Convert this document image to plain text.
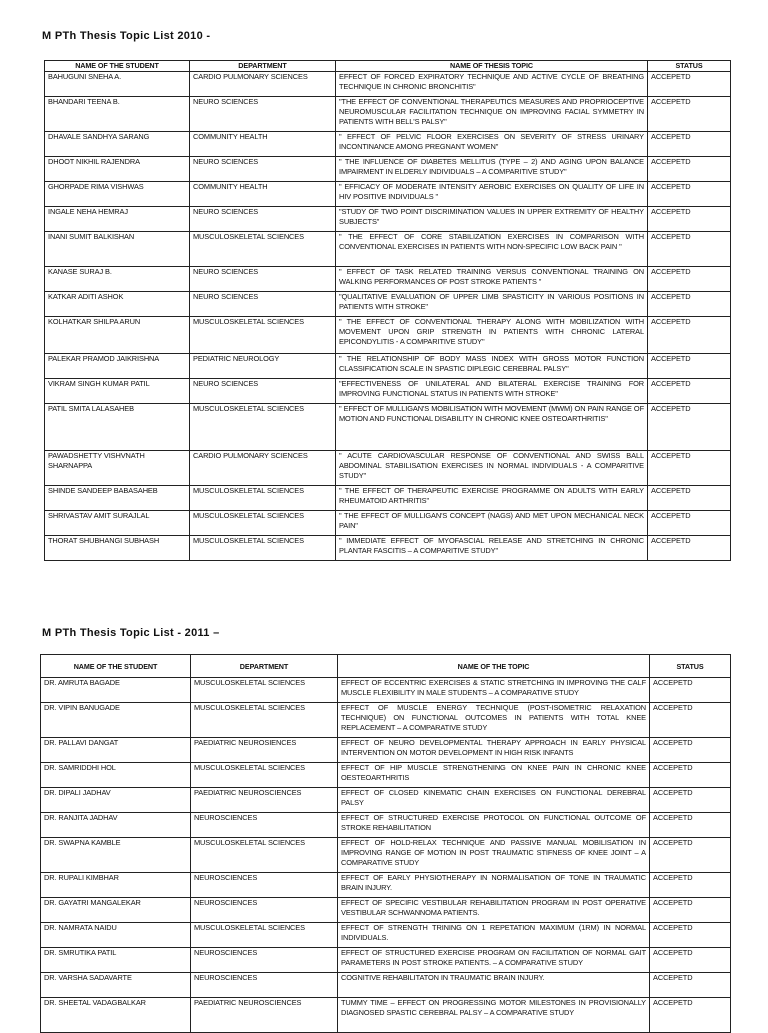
M PTh Thesis Topic List 2010 -
NAME OF THE STUDENT	DEPARTMENT	NAME OF THESIS TOPIC	STATUS
BAHUGUNI SNEHA A.	CARDIO PULMONARY SCIENCES	EFFECT OF FORCED EXPIRATORY TECHNIQUE AND ACTIVE CYCLE OF BREATHING TECHNIQUE IN CHRONIC BRONCHITIS"	ACCEPETD
BHANDARI TEENA B.	NEURO SCIENCES	"THE EFFECT OF CONVENTIONAL THERAPEUTICS MEASURES AND PROPRIOCEPTIVE NEUROMUSCULAR FACILITATION TECHNIQUE ON IMPROVING FACIAL SYMMETRY IN PATIENTS WITH BELL'S PALSY"	ACCEPETD
DHAVALE SANDHYA SARANG	COMMUNITY HEALTH	" EFFECT OF PELVIC FLOOR EXERCISES ON SEVERITY OF STRESS URINARY INCONTINANCE AMONG PREGNANT WOMEN"	ACCEPETD
DHOOT NIKHIL RAJENDRA	NEURO SCIENCES	" THE INFLUENCE OF DIABETES MELLITUS (TYPE – 2) AND AGING UPON BALANCE IMPAIRMENT IN ELDERLY INDIVIDUALS – A COMPARITIVE STUDY"	ACCEPETD
GHORPADE RIMA VISHWAS	COMMUNITY HEALTH	" EFFICACY OF MODERATE INTENSITY AEROBIC EXERCISES ON QUALITY OF LIFE IN HIV POSITIVE INDIVIDUALS "	ACCEPETD
INGALE NEHA HEMRAJ	NEURO SCIENCES	"STUDY OF TWO POINT DISCRIMINATION VALUES IN UPPER EXTREMITY OF HEALTHY SUBJECTS"	ACCEPETD
INANI SUMIT BALKISHAN	MUSCULOSKELETAL SCIENCES	" THE EFFECT OF CORE STABILIZATION EXERCISES IN COMPARISON WITH CONVENTIONAL EXERCISES IN PATIENTS WITH NON-SPECIFIC LOW BACK PAIN "	ACCEPETD
KANASE SURAJ B.	NEURO SCIENCES	" EFFECT OF TASK RELATED TRAINING VERSUS CONVENTIONAL TRAINING ON WALKING PERFORMANCES OF POST STROKE PATIENTS "	ACCEPETD
KATKAR ADITI ASHOK	NEURO SCIENCES	"QUALITATIVE EVALUATION OF UPPER LIMB SPASTICITY IN VARIOUS POSITIONS IN PATIENTS WITH STROKE"	ACCEPETD
KOLHATKAR SHILPA ARUN	MUSCULOSKELETAL SCIENCES	" THE EFFECT OF CONVENTIONAL THERAPY ALONG WITH MOBILIZATION WITH MOVEMENT UPON GRIP STRENGTH IN PATIENTS WITH CHRONIC LATERAL EPICONDYLITIS - A COMPARITIVE STUDY"	ACCEPETD
PALEKAR PRAMOD JAIKRISHNA	PEDIATRIC NEUROLOGY	" THE RELATIONSHIP OF BODY MASS INDEX WITH GROSS MOTOR FUNCTION CLASSIFICATION SCALE IN SPASTIC DIPLEGIC CEREBRAL PALSY"	ACCEPETD
VIKRAM SINGH KUMAR PATIL	NEURO SCIENCES	"EFFECTIVENESS OF UNILATERAL AND BILATERAL EXERCISE TRAINING FOR IMPROVING FUNCTIONAL STATUS IN PATIENTS WITH STROKE"	ACCEPETD
PATIL SMITA LALASAHEB	MUSCULOSKELETAL SCIENCES	" EFFECT OF MULLIGAN'S MOBILISATION WITH MOVEMENT (MWM) ON PAIN RANGE OF MOTION AND FUNCTIONAL DISABILITY IN CHRONIC KNEE OSTEOARTHRITIS"	ACCEPETD
PAWADSHETTY VISHVNATH SHARNAPPA	CARDIO PULMONARY SCIENCES	" ACUTE CARDIOVASCULAR RESPONSE OF CONVENTIONAL AND SWISS BALL ABDOMINAL STABILISATION EXERCISES IN NORMAL INDIVIDUALS - A COMPARITIVE STUDY"	ACCEPETD
SHINDE SANDEEP BABASAHEB	MUSCULOSKELETAL SCIENCES	" THE EFFECT OF THERAPEUTIC EXERCISE PROGRAMME ON ADULTS WITH EARLY RHEUMATOID ARTHRITIS"	ACCEPETD
SHRIVASTAV AMIT SURAJLAL	MUSCULOSKELETAL SCIENCES	" THE EFFECT OF MULLIGAN'S CONCEPT (NAGS) AND MET UPON MECHANICAL NECK PAIN"	ACCEPETD
THORAT SHUBHANGI SUBHASH	MUSCULOSKELETAL SCIENCES	" IMMEDIATE EFFECT OF MYOFASCIAL RELEASE AND STRETCHING IN CHRONIC PLANTAR FASCITIS – A COMPARITIVE STUDY"	ACCEPETD
M PTh Thesis Topic List - 2011 –
NAME OF THE STUDENT	DEPARTMENT	NAME OF THE TOPIC	STATUS
DR. AMRUTA BAGADE	MUSCULOSKELETAL SCIENCES	EFFECT OF ECCENTRIC EXERCISES & STATIC STRETCHING IN IMPROVING THE CALF MUSCLE FLEXIBILITY IN MALE STUDENTS – A COMPARATIVE STUDY	ACCEPETD
DR. VIPIN BANUGADE	MUSCULOSKELETAL SCIENCES	EFFECT OF MUSCLE ENERGY TECHNIQUE (POST-ISOMETRIC RELAXATION TECHNIQUE) ON FUNCTIONAL OUTCOMES IN PATIENTS WITH TOTAL KNEE REPLACEMENT – A COMPARATIVE STUDY	ACCEPETD
DR. PALLAVI DANGAT	PAEDIATRIC NEUROSIENCES	EFFECT OF NEURO DEVELOPMENTAL THERAPY APPROACH IN EARLY PHYSICAL INTERVENTION ON MOTOR DEVELOPMENT IN HIGH RISK INFANTS	ACCEPETD
DR. SAMRIDDHI HOL	MUSCULOSKELETAL SCIENCES	EFFECT OF HIP MUSCLE STRENGTHENING ON KNEE PAIN IN CHRONIC KNEE OESTEOARTHRITIS	ACCEPETD
DR. DIPALI JADHAV	PAEDIATRIC NEUROSCIENCES	EFFECT OF CLOSED KINEMATIC CHAIN EXERCISES ON FUNCTIONAL DEREBRAL PALSY	ACCEPETD
DR. RANJITA JADHAV	NEUROSCIENCES	EFFECT OF STRUCTURED EXERCISE PROTOCOL ON FUNCTIONAL OUTCOME OF STROKE REHABILITATION	ACCEPETD
DR. SWAPNA KAMBLE	MUSCULOSKELETAL SCIENCES	EFFECT OF HOLD-RELAX TECHNIQUE AND PASSIVE MANUAL MOBILISATION IN IMPROVING RANGE OF MOTION IN POST TRAUMATIC STIFNESS OF KNEE JOINT – A COMPARATIVE STUDY	ACCEPETD
DR. RUPALI KIMBHAR	NEUROSCIENCES	EFFECT OF EARLY PHYSIOTHERAPY IN NORMALISATION OF TONE IN TRAUMATIC BRAIN INJURY.	ACCEPETD
DR. GAYATRI MANGALEKAR	NEUROSCIENCES	EFFECT OF SPECIFIC VESTIBULAR REHABILITATION PROGRAM IN POST OPERATIVE VESTIBULAR SCHWANNOMA PATIENTS.	ACCEPETD
DR. NAMRATA NAIDU	MUSCULOSKELETAL SCIENCES	EFFECT OF STRENGTH TRINING ON 1 REPETATION MAXIMUM (1RM) IN NORMAL INDIVIDUALS.	ACCEPETD
DR. SMRUTIKA PATIL	NEUROSCIENCES	EFFECT OF STRUCTURED EXERCISE PROGRAM ON FACILITATION OF NORMAL GAIT PARAMETERS IN POST STROKE PATIENTS. – A COMPARATIVE STUDY	ACCEPETD
DR. VARSHA SADAVARTE	NEUROSCIENCES	COGNITIVE REHABILITATON IN TRAUMATIC BRAIN INJURY.	ACCEPETD
DR. SHEETAL VADAGBALKAR	PAEDIATRIC NEUROSCIENCES	TUMMY TIME – EFFECT ON PROGRESSING MOTOR MILESTONES IN PROVISIONALLY DIAGNOSED SPASTIC CEREBRAL PALSY – A COMPARATIVE STUDY	ACCEPETD
